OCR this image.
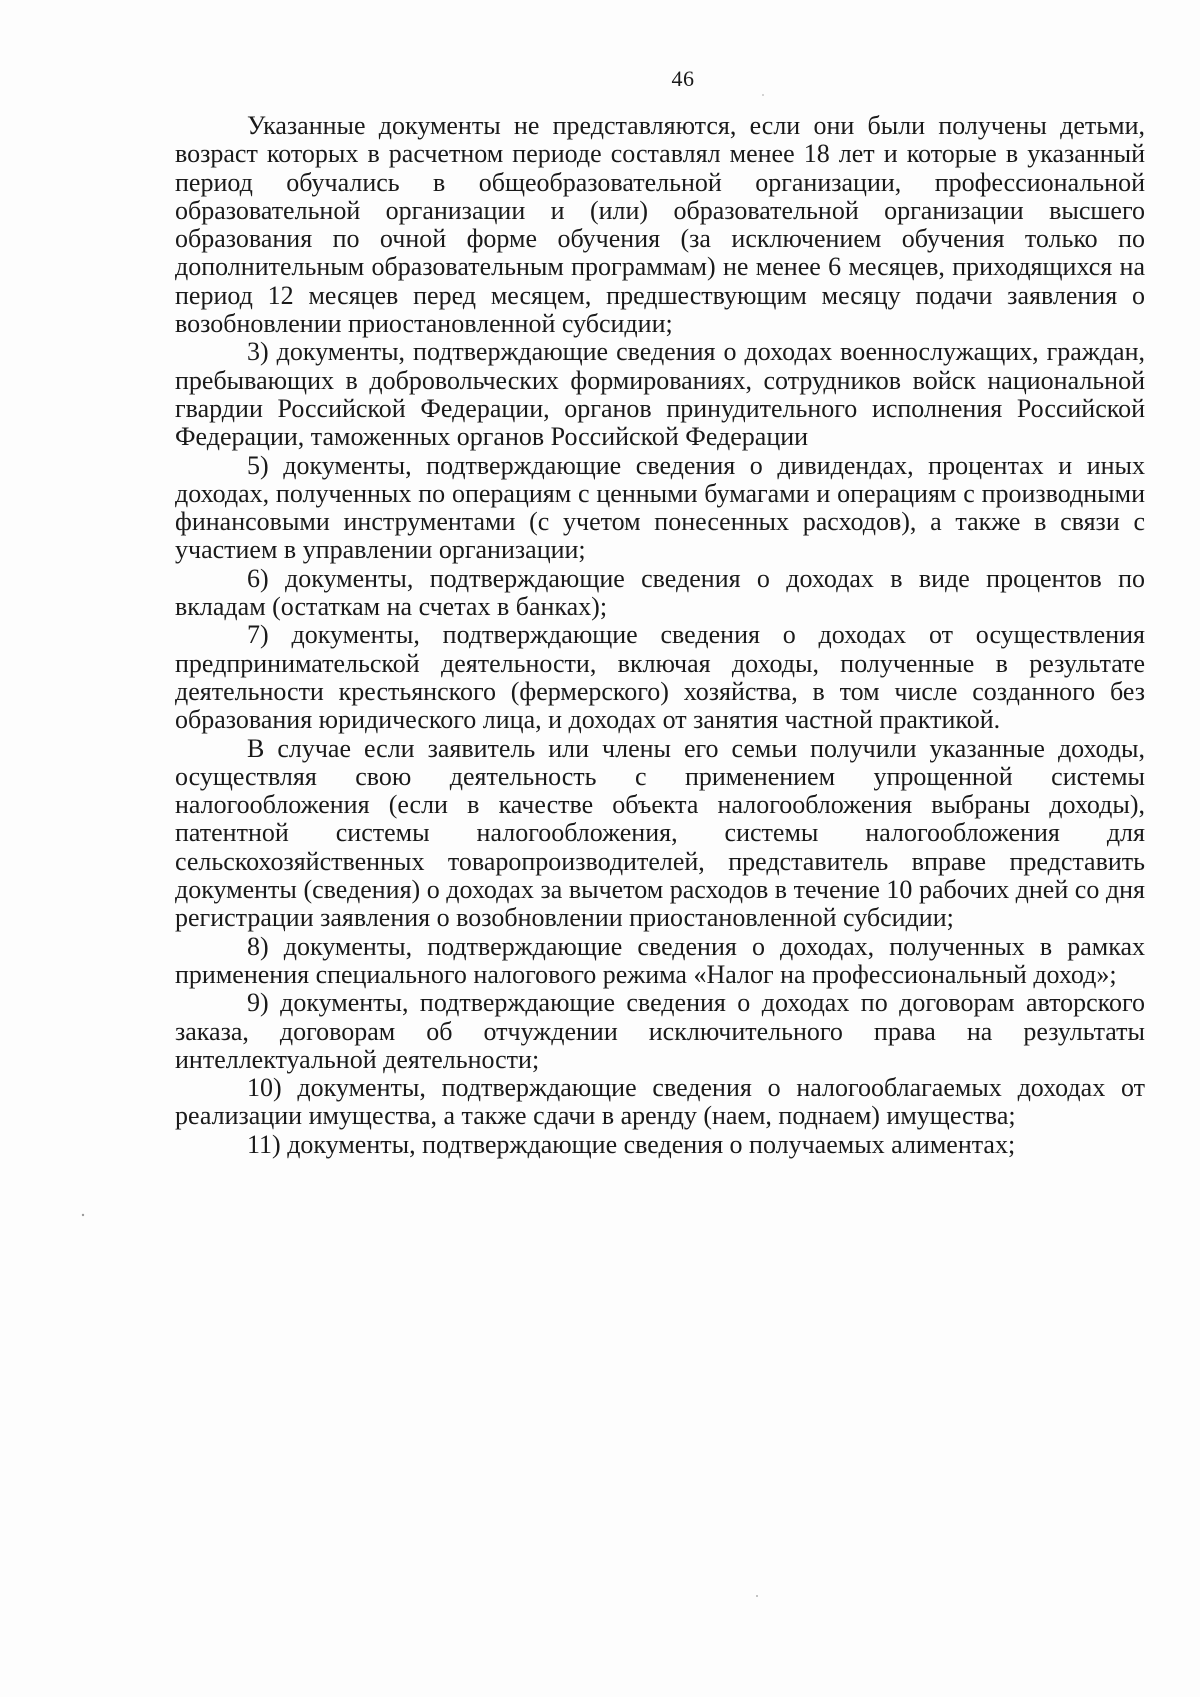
46

Указанные документы не представляются, если они были получены детьми, возраст которых в расчетном периоде составлял менее 18 лет и которые в указанный период обучались в общеобразовательной организации, профессиональной образовательной организации и (или) образовательной организации высшего образования по очной форме обучения (за исключением обучения только по дополнительным образовательным программам) не менее 6 месяцев, приходящихся на период 12 месяцев перед месяцем, предшествующим месяцу подачи заявления о возобновлении приостановленной субсидии;

3) документы, подтверждающие сведения о доходах военнослужащих, граждан, пребывающих в добровольческих формированиях, сотрудников войск национальной гвардии Российской Федерации, органов принудительного исполнения Российской Федерации, таможенных органов Российской Федерации

5) документы, подтверждающие сведения о дивидендах, процентах и иных доходах, полученных по операциям с ценными бумагами и операциям с производными финансовыми инструментами (с учетом понесенных расходов), а также в связи с участием в управлении организации;

6) документы, подтверждающие сведения о доходах в виде процентов по вкладам (остаткам на счетах в банках);

7) документы, подтверждающие сведения о доходах от осуществления предпринимательской деятельности, включая доходы, полученные в результате деятельности крестьянского (фермерского) хозяйства, в том числе созданного без образования юридического лица, и доходах от занятия частной практикой.

В случае если заявитель или члены его семьи получили указанные доходы, осуществляя свою деятельность с применением упрощенной системы налогообложения (если в качестве объекта налогообложения выбраны доходы), патентной системы налогообложения, системы налогообложения для сельскохозяйственных товаропроизводителей, представитель вправе представить документы (сведения) о доходах за вычетом расходов в течение 10 рабочих дней со дня регистрации заявления о возобновлении приостановленной субсидии;

8) документы, подтверждающие сведения о доходах, полученных в рамках применения специального налогового режима «Налог на профессиональный доход»;

9) документы, подтверждающие сведения о доходах по договорам авторского заказа, договорам об отчуждении исключительного права на результаты интеллектуальной деятельности;

10) документы, подтверждающие сведения о налогооблагаемых доходах от реализации имущества, а также сдачи в аренду (наем, поднаем) имущества;

11) документы, подтверждающие сведения о получаемых алиментах;
